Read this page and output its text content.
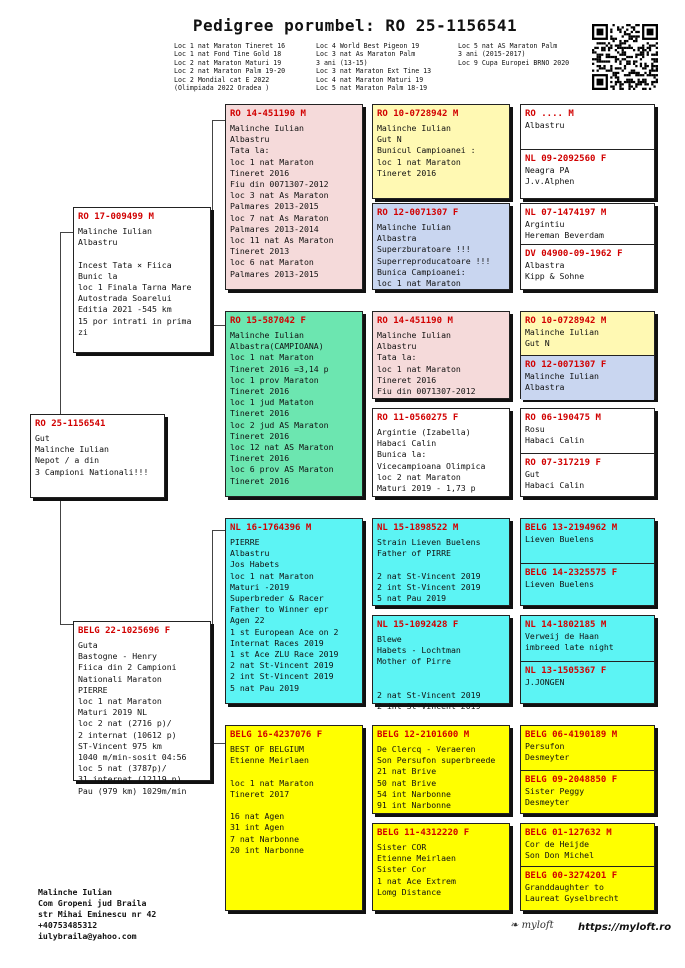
Pedigree porumbel: RO 25-1156541
Loc 1 nat Maraton Tineret 16
Loc 1 nat Fond Tine Gold 18
Loc 2 nat Maraton Maturi 19
Loc 2 nat Maraton Palm 19-20
Loc 2 Mondial cat E 2022
(Olimpiada 2022 Oradea )
Loc 4 World Best Pigeon 19
Loc 3 nat As Maraton Palm
3 ani (13-15)
Loc 3 nat Maraton Ext Tine 13
Loc 4 nat Maraton Maturi 19
Loc 5 nat Maraton Palm 18-19
Loc 5 nat AS Maraton Palm
3 ani (2015-2017)
Loc 9 Cupa Europei BRNO 2020
RO 25-1156541
Gut
Malinche Iulian
Nepot / a din
3 Campioni Nationali!!!
RO 17-009499 M
Malinche Iulian
Albastru

Incest Tata × Fiica
Bunic la
loc 1 Finala Tarna Mare
Autostrada Soarelui
Editia 2021 -545 km
15 por intrati in prima
zi
BELG 22-1025696 F
Guta
Bastogne - Henry
Fiica din 2 Campioni
Nationali Maraton
PIERRE
loc 1 nat Maraton
Maturi 2019 NL
loc 2 nat (2716 p)/
2 internat (10612 p)
ST-Vincent 975 km
1040 m/min-sosit 04:56
loc 5 nat (3787p)/
31 internat (12119 p)
Pau (979 km) 1029m/min
RO 14-451190 M
Malinche Iulian
Albastru
Tata la:
loc 1 nat Maraton
Tineret 2016
Fiu din 0071307-2012
loc 3 nat As Maraton
Palmares 2013-2015
loc 7 nat As Maraton
Palmares 2013-2014
loc 11 nat As Maraton
Tineret 2013
loc 6 nat Maraton
Palmares 2013-2015
RO 15-587042 F
Malinche Iulian
Albastra(CAMPIOANA)
loc 1 nat Maraton
Tineret 2016 =3,14 p
loc 1 prov Maraton
Tineret 2016
loc 1 jud Mataton
Tineret 2016
loc 2 jud AS Maraton
Tineret 2016
loc 12 nat AS Maraton
Tineret 2016
loc 6 prov AS Maraton
Tineret 2016
NL 16-1764396 M
PIERRE
Albastru
Jos Habets
loc 1 nat Maraton
Maturi -2019
Superbreder & Racer
Father to Winner epr
Agen 22
1 st European Ace on 2
Internat Races 2019
1 st Ace ZLU Race 2019
2 nat St-Vincent 2019
2 int St-Vincent 2019
5 nat Pau 2019
BELG 16-4237076 F
BEST OF BELGIUM
Etienne Meirlaen

loc 1 nat Maraton
Tineret 2017

16 nat Agen
31 int Agen
7 nat Narbonne
20 int Narbonne
RO 10-0728942 M
Malinche Iulian
Gut N
Bunicul Campioanei :
loc 1 nat Maraton
Tineret 2016
RO 12-0071307 F
Malinche Iulian
Albastra
Superzburatoare !!!
Superreproducatoare !!!
Bunica Campioanei:
loc 1 nat Maraton
RO 14-451190 M
Malinche Iulian
Albastru
Tata la:
loc 1 nat Maraton
Tineret 2016
Fiu din 0071307-2012
RO 11-0560275 F
Argintie (Izabella)
Habaci Calin
Bunica la:
Vicecampioana Olimpica
loc 2 nat Maraton
Maturi 2019 - 1,73 p
NL 15-1898522 M
Strain Lieven Buelens
Father of PIRRE

2 nat St-Vincent 2019
2 int St-Vincent 2019
5 nat Pau 2019
NL 15-1092428 F
Blewe
Habets - Lochtman
Mother of Pirre

2 nat St-Vincent 2019
2 int St-Vincent 2019
BELG 12-2101600 M
De Clercq - Veraeren
Son Persufon superbreede
21 nat Brive
50 nat Brive
54 int Narbonne
91 int Narbonne
BELG 11-4312220 F
Sister COR
Etienne Meirlaen
Sister Cor
1 nat Ace Extrem
Lomg Distance
RO .... M
Albastru
NL 09-2092560 F
Neagra PA
J.v.Alphen
NL 07-1474197 M
Argintiu
Hereman Beverdam
DV 04900-09-1962 F
Albastra
Kipp & Sohne
RO 10-0728942 M
Malinche Iulian
Gut N
RO 12-0071307 F
Malinche Iulian
Albastra
RO 06-190475 M
Rosu
Habaci Calin
RO 07-317219 F
Gut
Habaci Calin
BELG 13-2194962 M
Lieven Buelens
BELG 14-2325575 F
Lieven Buelens
NL 14-1802185 M
Verweij de Haan
imbreed late night
NL 13-1505367 F
J.JONGEN
BELG 06-4190189 M
Persufon
Desmeyter
BELG 09-2048850 F
Sister Peggy
Desmeyter
BELG 01-127632 M
Cor de Heijde
Son Don Michel
BELG 00-3274201 F
Granddaughter to
Laureat Gyselbrecht
Malinche Iulian
Com Gropeni jud Braila
str Mihai Eminescu nr 42
+40753485312
iulybraila@yahoo.com
❧ myloft https://myloft.ro
